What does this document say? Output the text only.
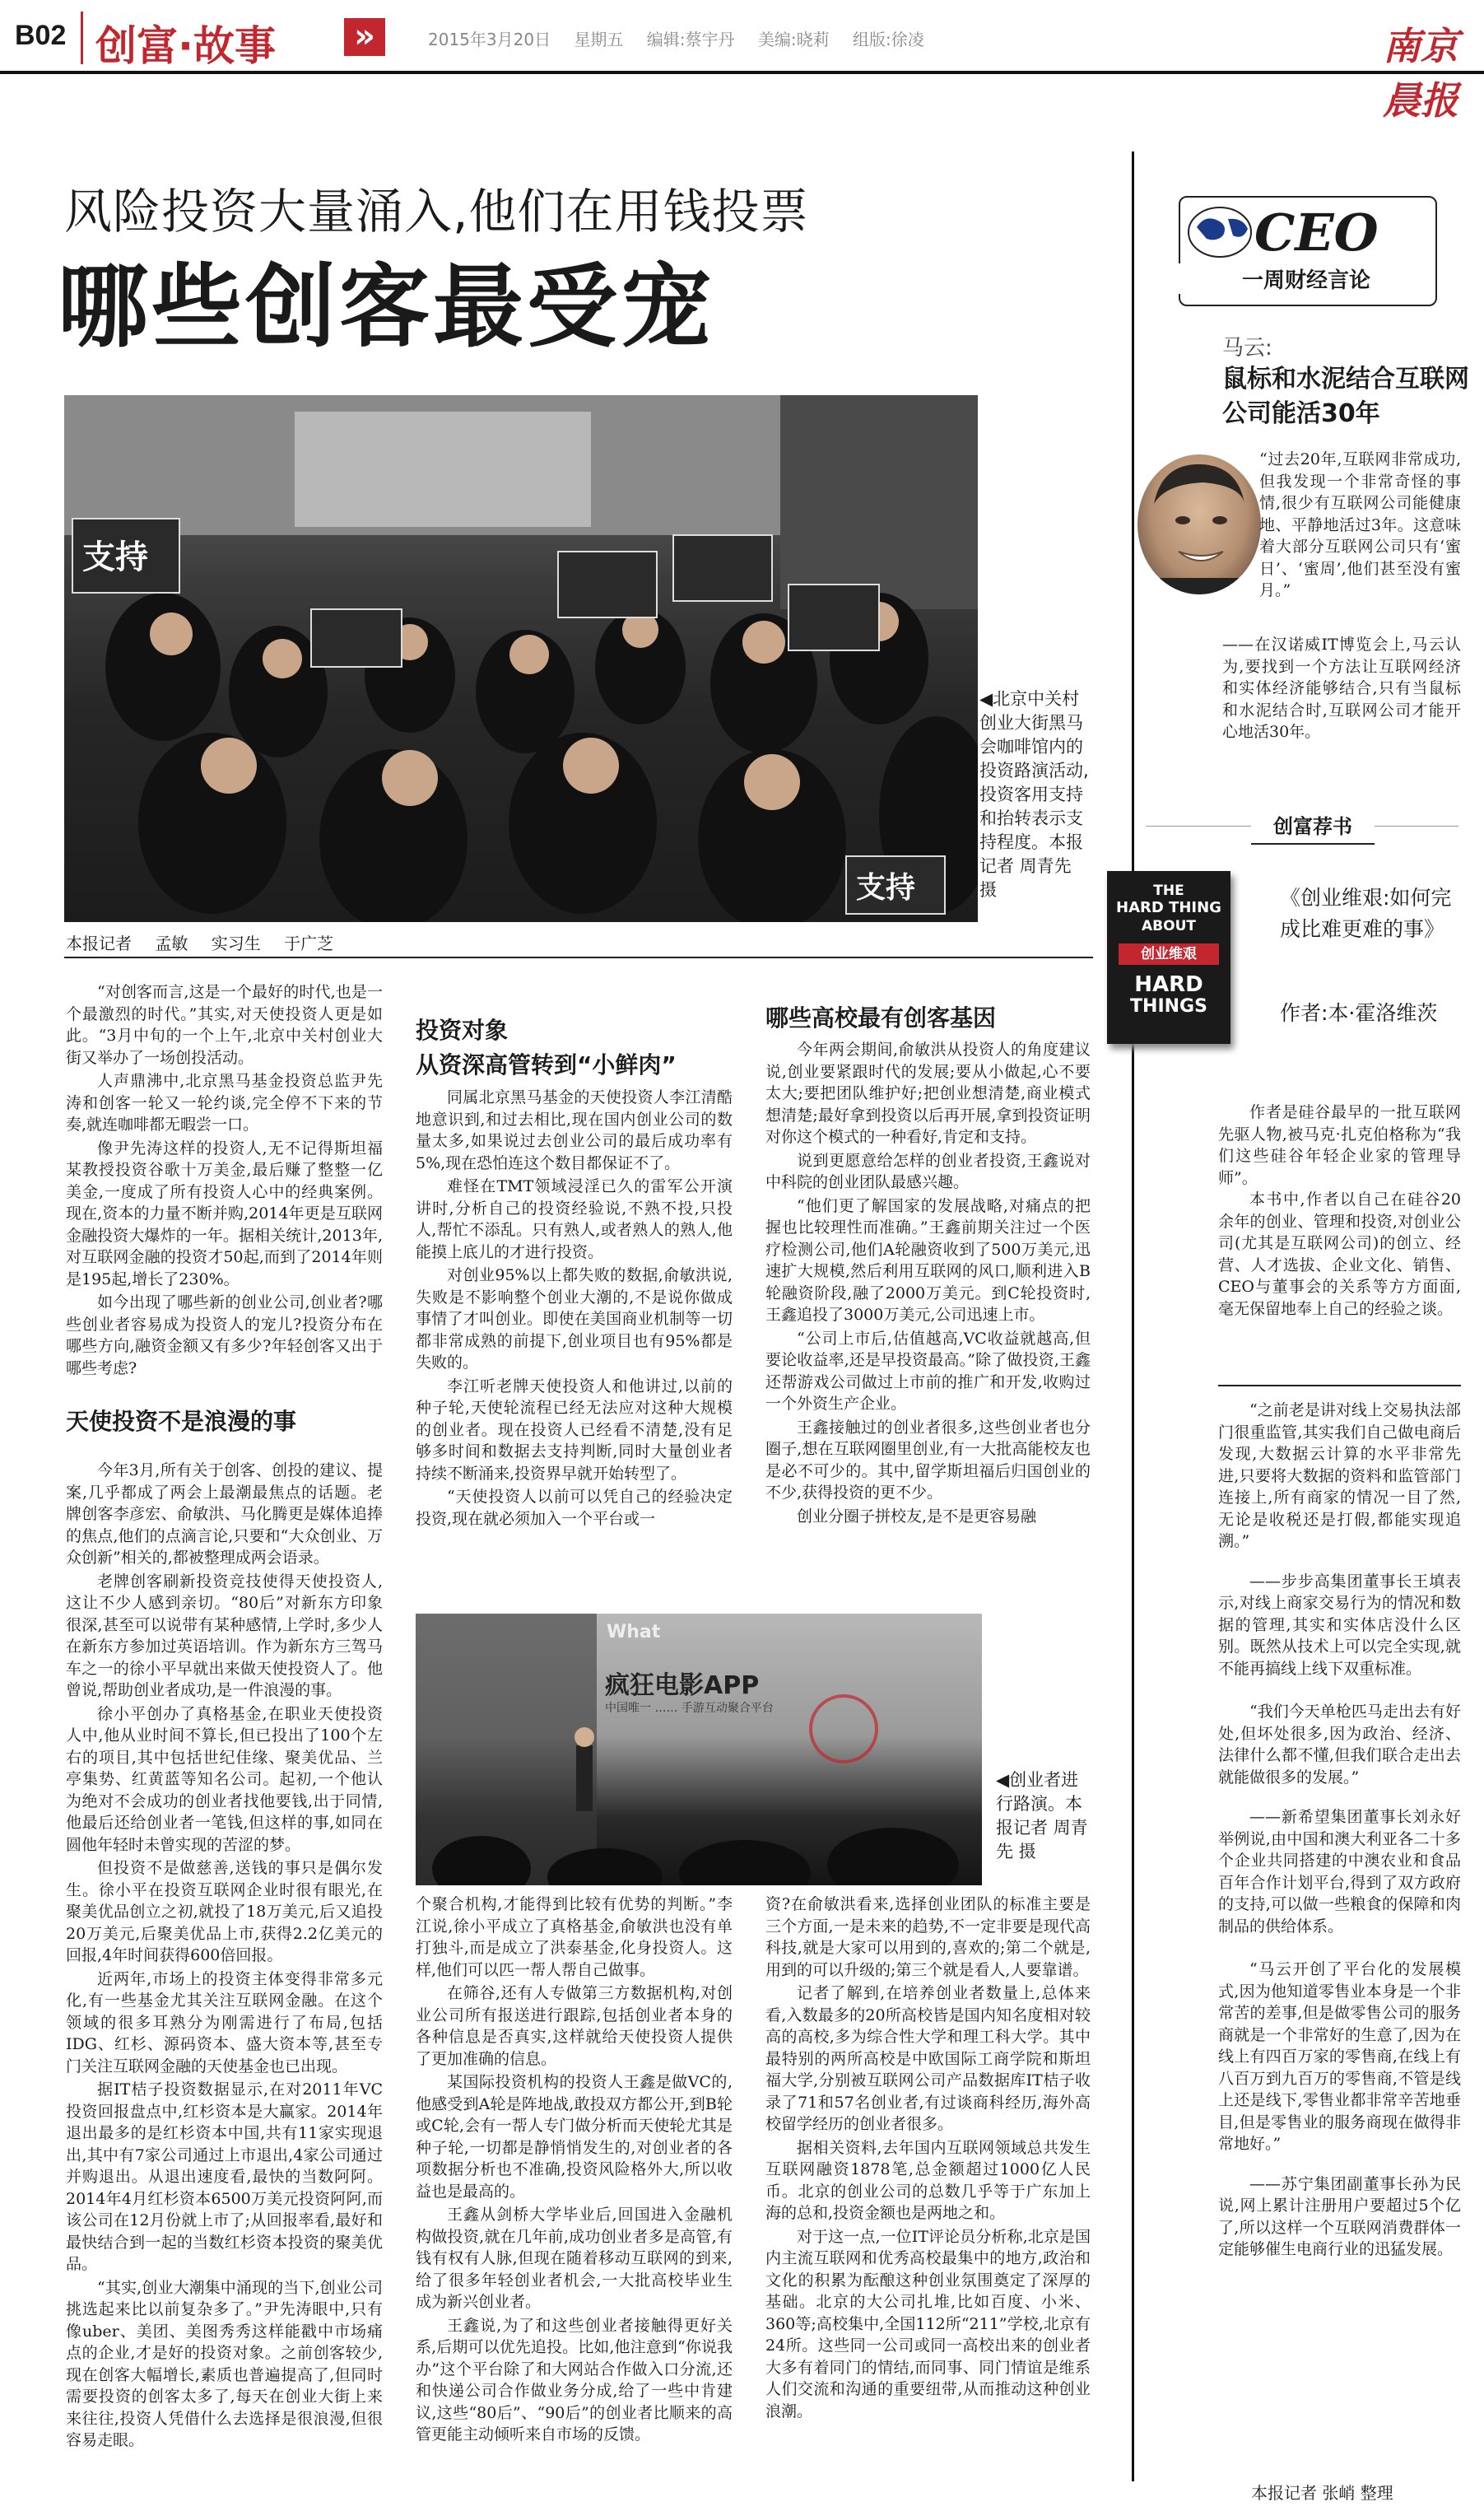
B02 创富·故事	»	2015年3月20日 星期五 编辑:蔡宇丹 美编:晓莉 组版:徐凌	南京晨报
风险投资大量涌入,他们在用钱投票
哪些创客最受宠
支持
支持
◀北京中关村创业大街黑马会咖啡馆内的投资路演活动,投资客用支持和抬转表示支持程度。本报记者 周青先 摄
本报记者 孟敏 实习生 于广芝

“对创客而言,这是一个最好的时代,也是一个最激烈的时代。”其实,对天使投资人更是如此。“3月中旬的一个上午,北京中关村创业大街又举办了一场创投活动。

人声鼎沸中,北京黑马基金投资总监尹先涛和创客一轮又一轮约谈,完全停不下来的节奏,就连咖啡都无暇尝一口。

像尹先涛这样的投资人,无不记得斯坦福某教授投资谷歌十万美金,最后赚了整整一亿美金,一度成了所有投资人心中的经典案例。现在,资本的力量不断并购,2014年更是互联网金融投资大爆炸的一年。据相关统计,2013年,对互联网金融的投资才50起,而到了2014年则是195起,增长了230%。

如今出现了哪些新的创业公司,创业者?哪些创业者容易成为投资人的宠儿?投资分布在哪些方向,融资金额又有多少?年轻创客又出于哪些考虑?

天使投资不是浪漫的事

今年3月,所有关于创客、创投的建议、提案,几乎都成了两会上最潮最焦点的话题。老牌创客李彦宏、俞敏洪、马化腾更是媒体追捧的焦点,他们的点滴言论,只要和“大众创业、万众创新”相关的,都被整理成两会语录。

老牌创客刷新投资竞技使得天使投资人,这让不少人感到亲切。“80后”对新东方印象很深,甚至可以说带有某种感情,上学时,多少人在新东方参加过英语培训。作为新东方三驾马车之一的徐小平早就出来做天使投资人了。他曾说,帮助创业者成功,是一件浪漫的事。

徐小平创办了真格基金,在职业天使投资人中,他从业时间不算长,但已投出了100个左右的项目,其中包括世纪佳缘、聚美优品、兰亭集势、红黄蓝等知名公司。起初,一个他认为绝对不会成功的创业者找他要钱,出于同情,他最后还给创业者一笔钱,但这样的事,如同在圆他年轻时未曾实现的苦涩的梦。

但投资不是做慈善,送钱的事只是偶尔发生。徐小平在投资互联网企业时很有眼光,在聚美优品创立之初,就投了18万美元,后又追投20万美元,后聚美优品上市,获得2.2亿美元的回报,4年时间获得600倍回报。

近两年,市场上的投资主体变得非常多元化,有一些基金尤其关注互联网金融。在这个领域的很多耳熟分为刚需进行了布局,包括IDG、红杉、源码资本、盛大资本等,甚至专门关注互联网金融的天使基金也已出现。

据IT桔子投资数据显示,在对2011年VC投资回报盘点中,红杉资本是大赢家。2014年退出最多的是红杉资本中国,共有11家实现退出,其中有7家公司通过上市退出,4家公司通过并购退出。从退出速度看,最快的当数阿阿。2014年4月红杉资本6500万美元投资阿阿,而该公司在12月份就上市了;从回报率看,最好和最快结合到一起的当数红杉资本投资的聚美优品。

“其实,创业大潮集中涌现的当下,创业公司挑选起来比以前复杂多了。”尹先涛眼中,只有像uber、美团、美图秀秀这样能戳中市场痛点的企业,才是好的投资对象。之前创客较少,现在创客大幅增长,素质也普遍提高了,但同时需要投资的创客太多了,每天在创业大街上来来往往,投资人凭借什么去选择是很浪漫,但很容易走眼。

投资对象
从资深高管转到“小鲜肉”

同属北京黑马基金的天使投资人李江清酷地意识到,和过去相比,现在国内创业公司的数量太多,如果说过去创业公司的最后成功率有5%,现在恐怕连这个数目都保证不了。

难怪在TMT领域浸淫已久的雷军公开演讲时,分析自己的投资经验说,不熟不投,只投人,帮忙不添乱。只有熟人,或者熟人的熟人,他能摸上底儿的才进行投资。

对创业95%以上都失败的数据,俞敏洪说,失败是不影响整个创业大潮的,不是说你做成事情了才叫创业。即使在美国商业机制等一切都非常成熟的前提下,创业项目也有95%都是失败的。

李江听老牌天使投资人和他讲过,以前的种子轮,天使轮流程已经无法应对这种大规模的创业者。现在投资人已经看不清楚,没有足够多时间和数据去支持判断,同时大量创业者持续不断涌来,投资界早就开始转型了。

“天使投资人以前可以凭自己的经验决定投资,现在就必须加入一个平台或一

哪些高校最有创客基因

今年两会期间,俞敏洪从投资人的角度建议说,创业要紧跟时代的发展;要从小做起,心不要太大;要把团队维护好;把创业想清楚,商业模式想清楚;最好拿到投资以后再开展,拿到投资证明对你这个模式的一种看好,肯定和支持。

说到更愿意给怎样的创业者投资,王鑫说对中科院的创业团队最感兴趣。

“他们更了解国家的发展战略,对痛点的把握也比较理性而准确。”王鑫前期关注过一个医疗检测公司,他们A轮融资收到了500万美元,迅速扩大规模,然后利用互联网的风口,顺利进入B轮融资阶段,融了2000万美元。到C轮投资时,王鑫追投了3000万美元,公司迅速上市。

“公司上市后,估值越高,VC收益就越高,但要论收益率,还是早投资最高。”除了做投资,王鑫还帮游戏公司做过上市前的推广和开发,收购过一个外资生产企业。

王鑫接触过的创业者很多,这些创业者也分圈子,想在互联网圈里创业,有一大批高能校友也是必不可少的。其中,留学斯坦福后归国创业的不少,获得投资的更不少。

创业分圈子拼校友,是不是更容易融

What
疯狂电影APP
中国唯一 …… 手游互动聚合平台
◀创业者进行路演。本报记者 周青先 摄

个聚合机构,才能得到比较有优势的判断。”李江说,徐小平成立了真格基金,俞敏洪也没有单打独斗,而是成立了洪泰基金,化身投资人。这样,他们可以匹一帮人帮自己做事。

在筛谷,还有人专做第三方数据机构,对创业公司所有报送进行跟踪,包括创业者本身的各种信息是否真实,这样就给天使投资人提供了更加准确的信息。

某国际投资机构的投资人王鑫是做VC的,他感受到A轮是阵地战,敢投双方都公开,到B轮或C轮,会有一帮人专门做分析而天使轮尤其是种子轮,一切都是静悄悄发生的,对创业者的各项数据分析也不准确,投资风险格外大,所以收益也是最高的。

王鑫从剑桥大学毕业后,回国进入金融机构做投资,就在几年前,成功创业者多是高管,有钱有权有人脉,但现在随着移动互联网的到来,给了很多年轻创业者机会,一大批高校毕业生成为新兴创业者。

王鑫说,为了和这些创业者接触得更好关系,后期可以优先追投。比如,他注意到“你说我办”这个平台除了和大网站合作做入口分流,还和快递公司合作做业务分成,给了一些中肯建议,这些“80后”、“90后”的创业者比顺来的高管更能主动倾听来自市场的反馈。

资?在俞敏洪看来,选择创业团队的标准主要是三个方面,一是未来的趋势,不一定非要是现代高科技,就是大家可以用到的,喜欢的;第二个就是,用到的可以升级的;第三个就是看人,人要靠谱。

记者了解到,在培养创业者数量上,总体来看,入数最多的20所高校皆是国内知名度相对较高的高校,多为综合性大学和理工科大学。其中最特别的两所高校是中欧国际工商学院和斯坦福大学,分别被互联网公司产品数据库IT桔子收录了71和57名创业者,有过谈商科经历,海外高校留学经历的创业者很多。

据相关资料,去年国内互联网领域总共发生互联网融资1878笔,总金额超过1000亿人民币。北京的创业公司的总数几乎等于广东加上海的总和,投资金额也是两地之和。

对于这一点,一位IT评论员分析称,北京是国内主流互联网和优秀高校最集中的地方,政治和文化的积累为酝酿这种创业氛围奠定了深厚的基础。北京的大公司扎堆,比如百度、小米、360等;高校集中,全国112所“211”学校,北京有24所。这些同一公司或同一高校出来的创业者大多有着同门的情结,而同事、同门情谊是维系人们交流和沟通的重要纽带,从而推动这种创业浪潮。

CEO
一周财经言论
马云:
鼠标和水泥结合互联网公司能活30年
“过去20年,互联网非常成功,但我发现一个非常奇怪的事情,很少有互联网公司能健康地、平静地活过3年。这意味着大部分互联网公司只有‘蜜日’、‘蜜周’,他们甚至没有蜜月。”
——在汉诺威IT博览会上,马云认为,要找到一个方法让互联网经济和实体经济能够结合,只有当鼠标和水泥结合时,互联网公司才能开心地活30年。
创富荐书
THE
HARD THING
ABOUT
创业维艰
HARD
THINGS
《创业维艰:如何完成比难更难的事》
作者:本·霍洛维茨

作者是硅谷最早的一批互联网先驱人物,被马克·扎克伯格称为“我们这些硅谷年轻企业家的管理导师”。

本书中,作者以自己在硅谷20余年的创业、管理和投资,对创业公司(尤其是互联网公司)的创立、经营、人才选拔、企业文化、销售、CEO与董事会的关系等方方面面,毫无保留地奉上自己的经验之谈。

“之前老是讲对线上交易执法部门很重监管,其实我们自己做电商后发现,大数据云计算的水平非常先进,只要将大数据的资料和监管部门连接上,所有商家的情况一目了然,无论是收税还是打假,都能实现追溯。”

——步步高集团董事长王填表示,对线上商家交易行为的情况和数据的管理,其实和实体店没什么区别。既然从技术上可以完全实现,就不能再搞线上线下双重标准。

“我们今天单枪匹马走出去有好处,但坏处很多,因为政治、经济、法律什么都不懂,但我们联合走出去就能做很多的发展。”

——新希望集团董事长刘永好举例说,由中国和澳大利亚各二十多个企业共同搭建的中澳农业和食品百年合作计划平台,得到了双方政府的支持,可以做一些粮食的保障和肉制品的供给体系。

“马云开创了平台化的发展模式,因为他知道零售业本身是一个非常苦的差事,但是做零售公司的服务商就是一个非常好的生意了,因为在线上有四百万家的零售商,在线上有八百万到九百万的零售商,不管是线上还是线下,零售业都非常辛苦地垂目,但是零售业的服务商现在做得非常地好。”

——苏宁集团副董事长孙为民说,网上累计注册用户要超过5个亿了,所以这样一个互联网消费群体一定能够催生电商行业的迅猛发展。

本报记者 张峭 整理
